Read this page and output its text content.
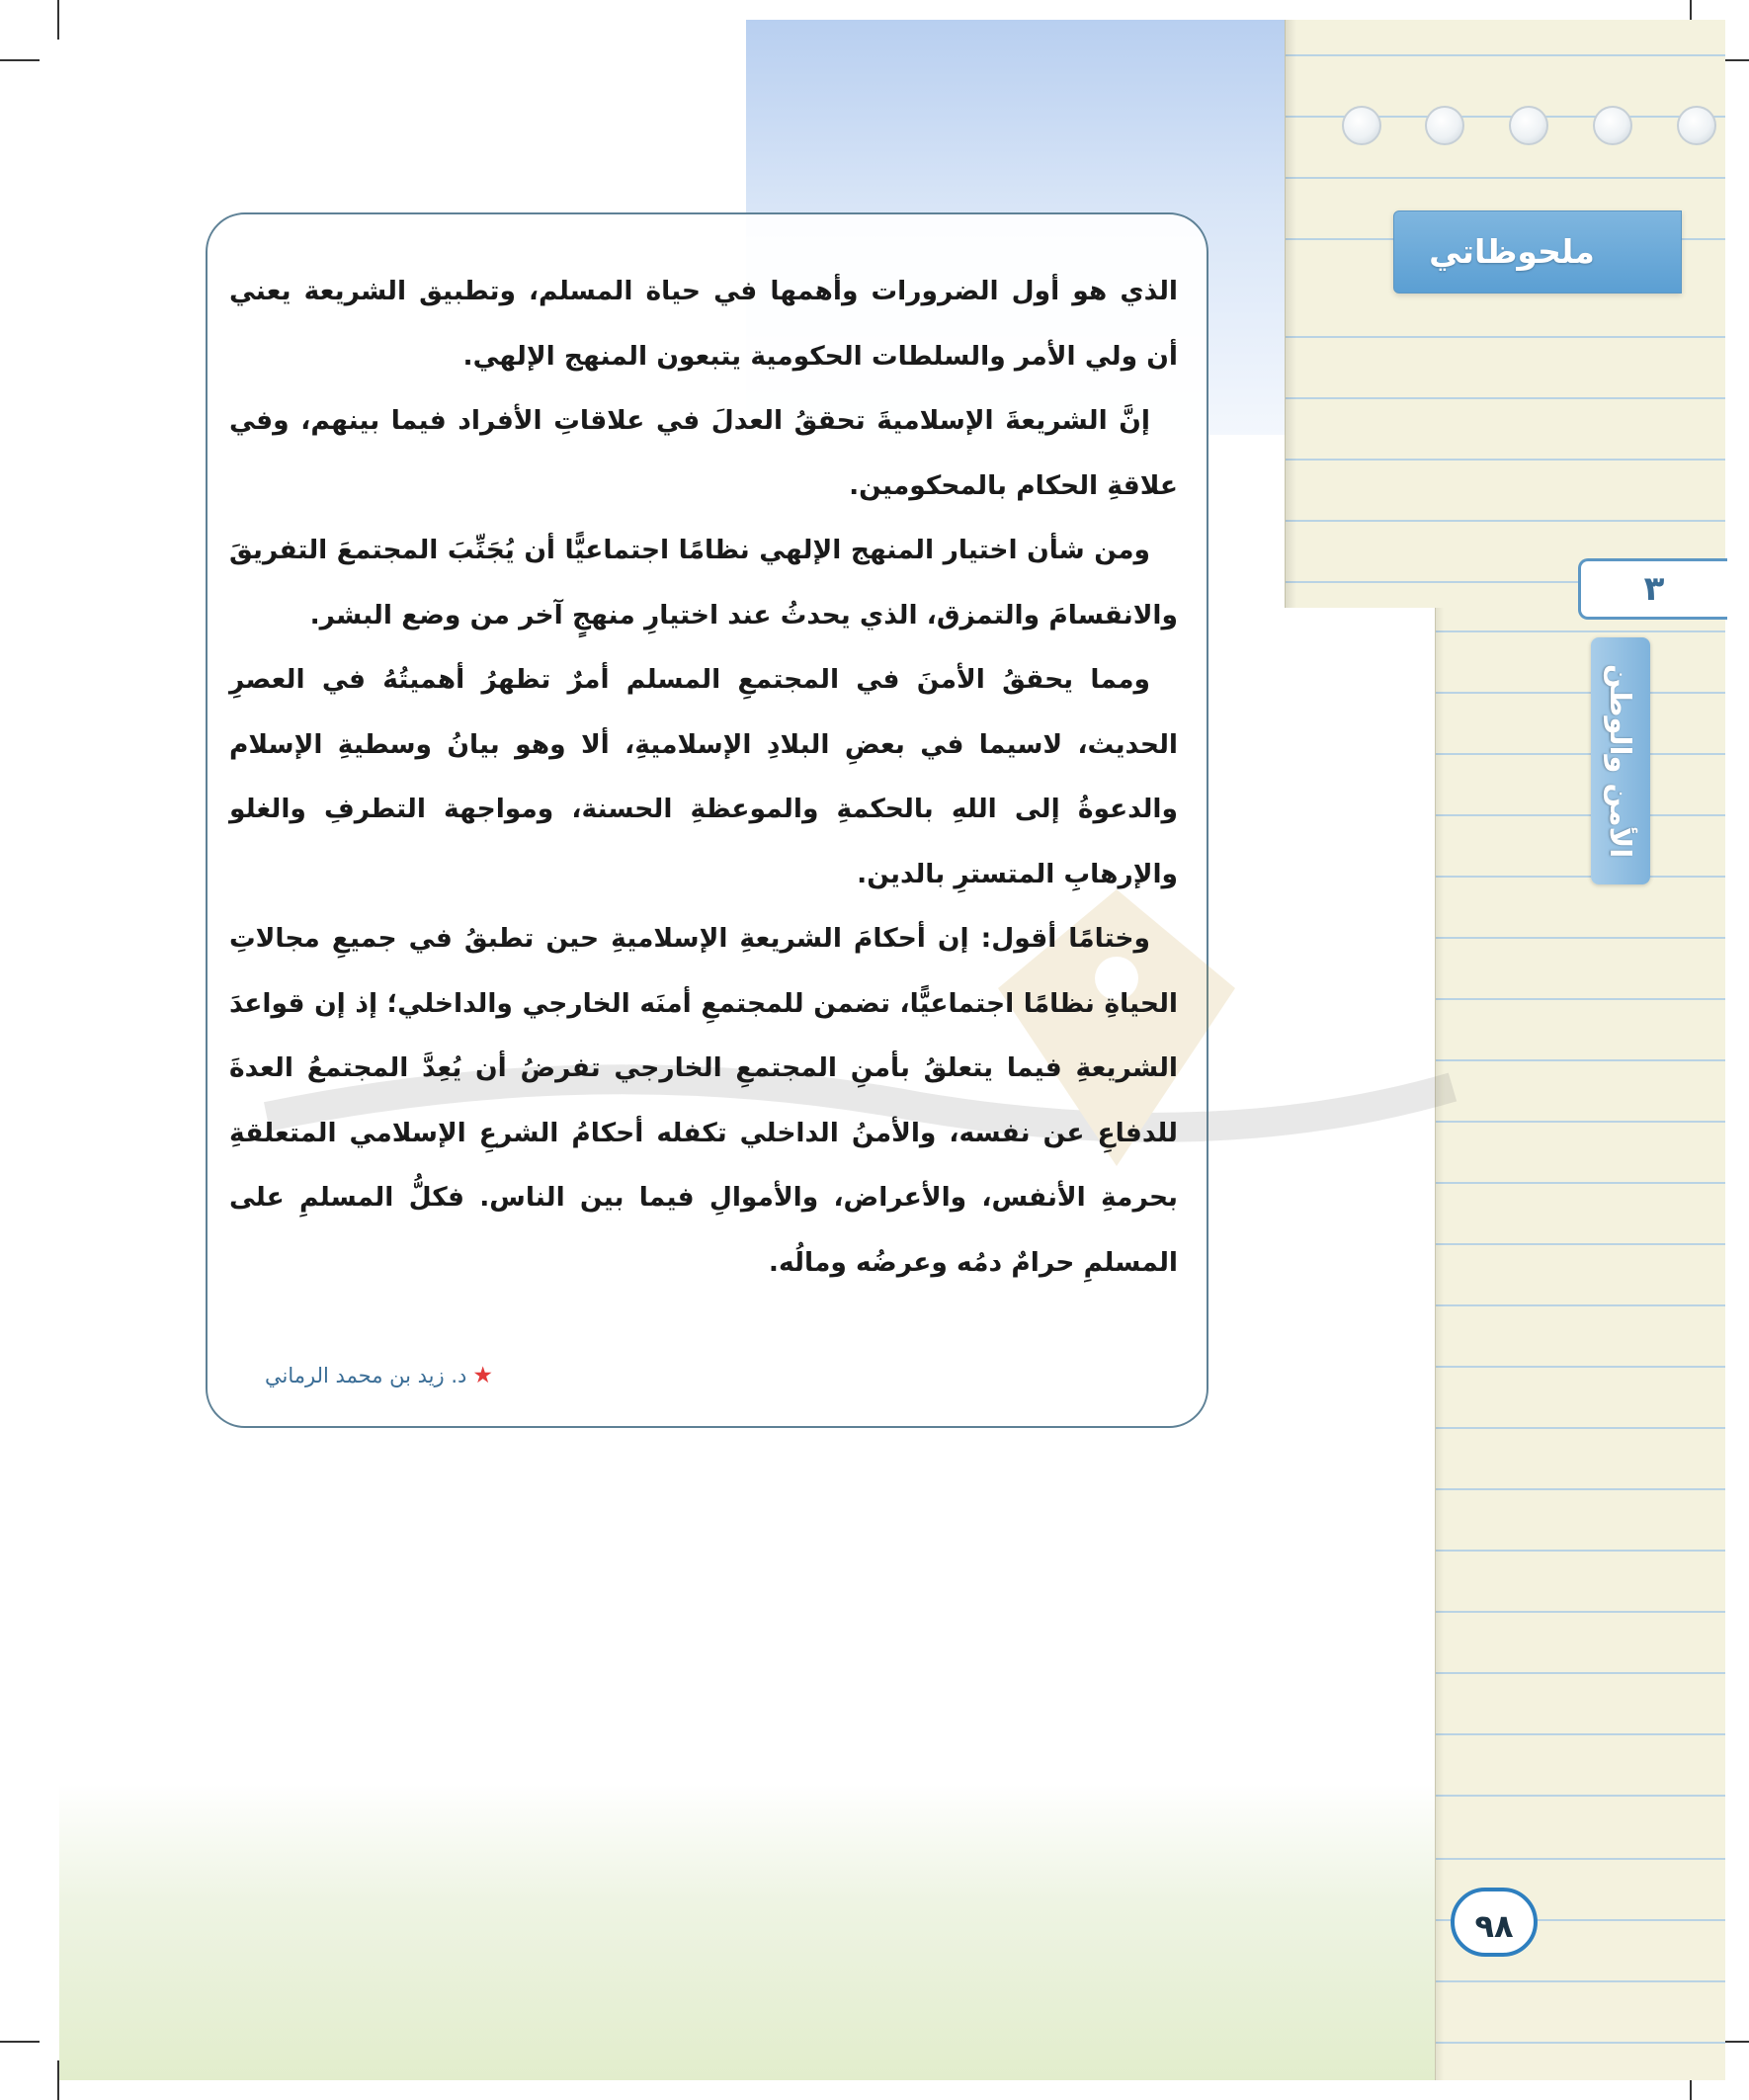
ملحوظاتي
٣
الأمن والوطن

الذي هو أول الضرورات وأهمها في حياة المسلم، وتطبيق الشريعة يعني أن ولي الأمر والسلطات الحكومية يتبعون المنهج الإلهي.

إنَّ الشريعةَ الإسلاميةَ تحققُ العدلَ في علاقاتِ الأفراد فيما بينهم، وفي علاقةِ الحكام بالمحكومين.

ومن شأن اختيار المنهج الإلهي نظامًا اجتماعيًّا أن يُجَنِّبَ المجتمعَ التفريقَ والانقسامَ والتمزق، الذي يحدثُ عند اختيارِ منهجٍ آخر من وضع البشر.

ومما يحققُ الأمنَ في المجتمعِ المسلم أمرٌ تظهرُ أهميتُهُ في العصرِ الحديث، لاسيما في بعضِ البلادِ الإسلاميةِ، ألا وهو بيانُ وسطيةِ الإسلام والدعوةُ إلى اللهِ بالحكمةِ والموعظةِ الحسنة، ومواجهة التطرفِ والغلو والإرهابِ المتسترِ بالدين.

وختامًا أقول: إن أحكامَ الشريعةِ الإسلاميةِ حين تطبقُ في جميعِ مجالاتِ الحياةِ نظامًا اجتماعيًّا، تضمن للمجتمعِ أمنَه الخارجي والداخلي؛ إذ إن قواعدَ الشريعةِ فيما يتعلقُ بأمنِ المجتمعِ الخارجي تفرضُ أن يُعِدَّ المجتمعُ العدةَ للدفاعِ عن نفسه، والأمنُ الداخلي تكفله أحكامُ الشرعِ الإسلامي المتعلقةِ بحرمةِ الأنفس، والأعراض، والأموالِ فيما بين الناس. فكلُّ المسلمِ على المسلمِ حرامٌ دمُه وعرضُه ومالُه.

★د. زيد بن محمد الرماني
٩٨
